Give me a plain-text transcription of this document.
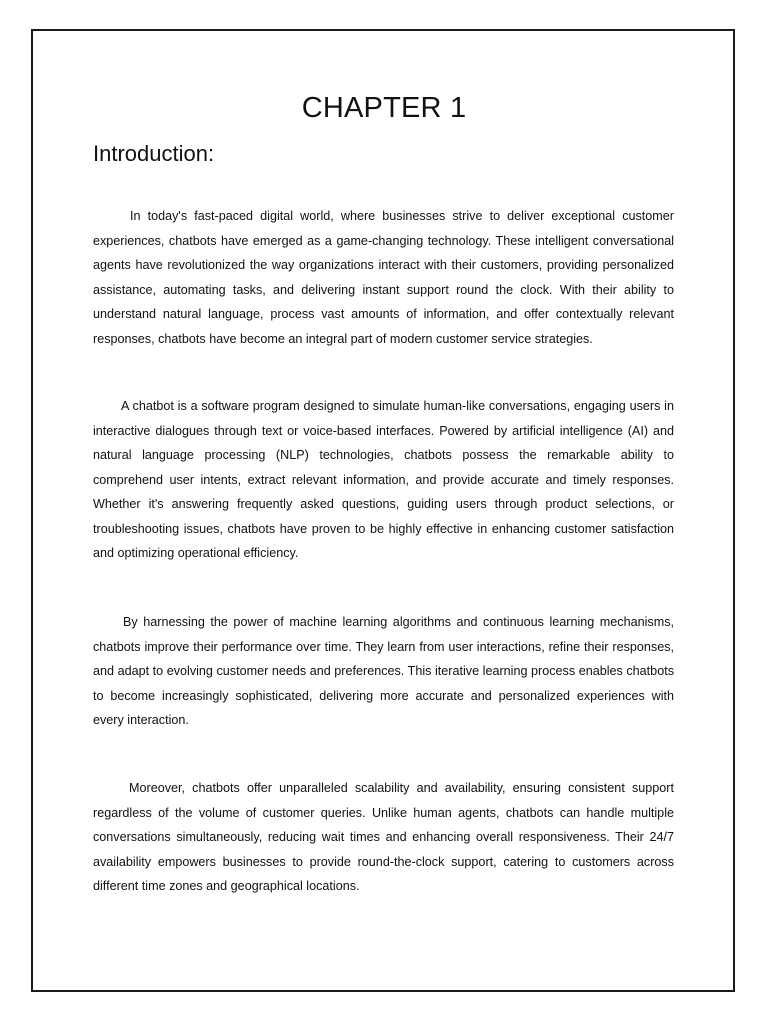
CHAPTER 1
Introduction:

In today's fast-paced digital world, where businesses strive to deliver exceptional customer experiences, chatbots have emerged as a game-changing technology. These intelligent conversational agents have revolutionized the way organizations interact with their customers, providing personalized assistance, automating tasks, and delivering instant support round the clock. With their ability to understand natural language, process vast amounts of information, and offer contextually relevant responses, chatbots have become an integral part of modern customer service strategies.

A chatbot is a software program designed to simulate human-like conversations, engaging users in interactive dialogues through text or voice-based interfaces. Powered by artificial intelligence (AI) and natural language processing (NLP) technologies, chatbots possess the remarkable ability to comprehend user intents, extract relevant information, and provide accurate and timely responses. Whether it's answering frequently asked questions, guiding users through product selections, or troubleshooting issues, chatbots have proven to be highly effective in enhancing customer satisfaction and optimizing operational efficiency.

By harnessing the power of machine learning algorithms and continuous learning mechanisms, chatbots improve their performance over time. They learn from user interactions, refine their responses, and adapt to evolving customer needs and preferences. This iterative learning process enables chatbots to become increasingly sophisticated, delivering more accurate and personalized experiences with every interaction.

Moreover, chatbots offer unparalleled scalability and availability, ensuring consistent support regardless of the volume of customer queries. Unlike human agents, chatbots can handle multiple conversations simultaneously, reducing wait times and enhancing overall responsiveness. Their 24/7 availability empowers businesses to provide round-the-clock support, catering to customers across different time zones and geographical locations.
